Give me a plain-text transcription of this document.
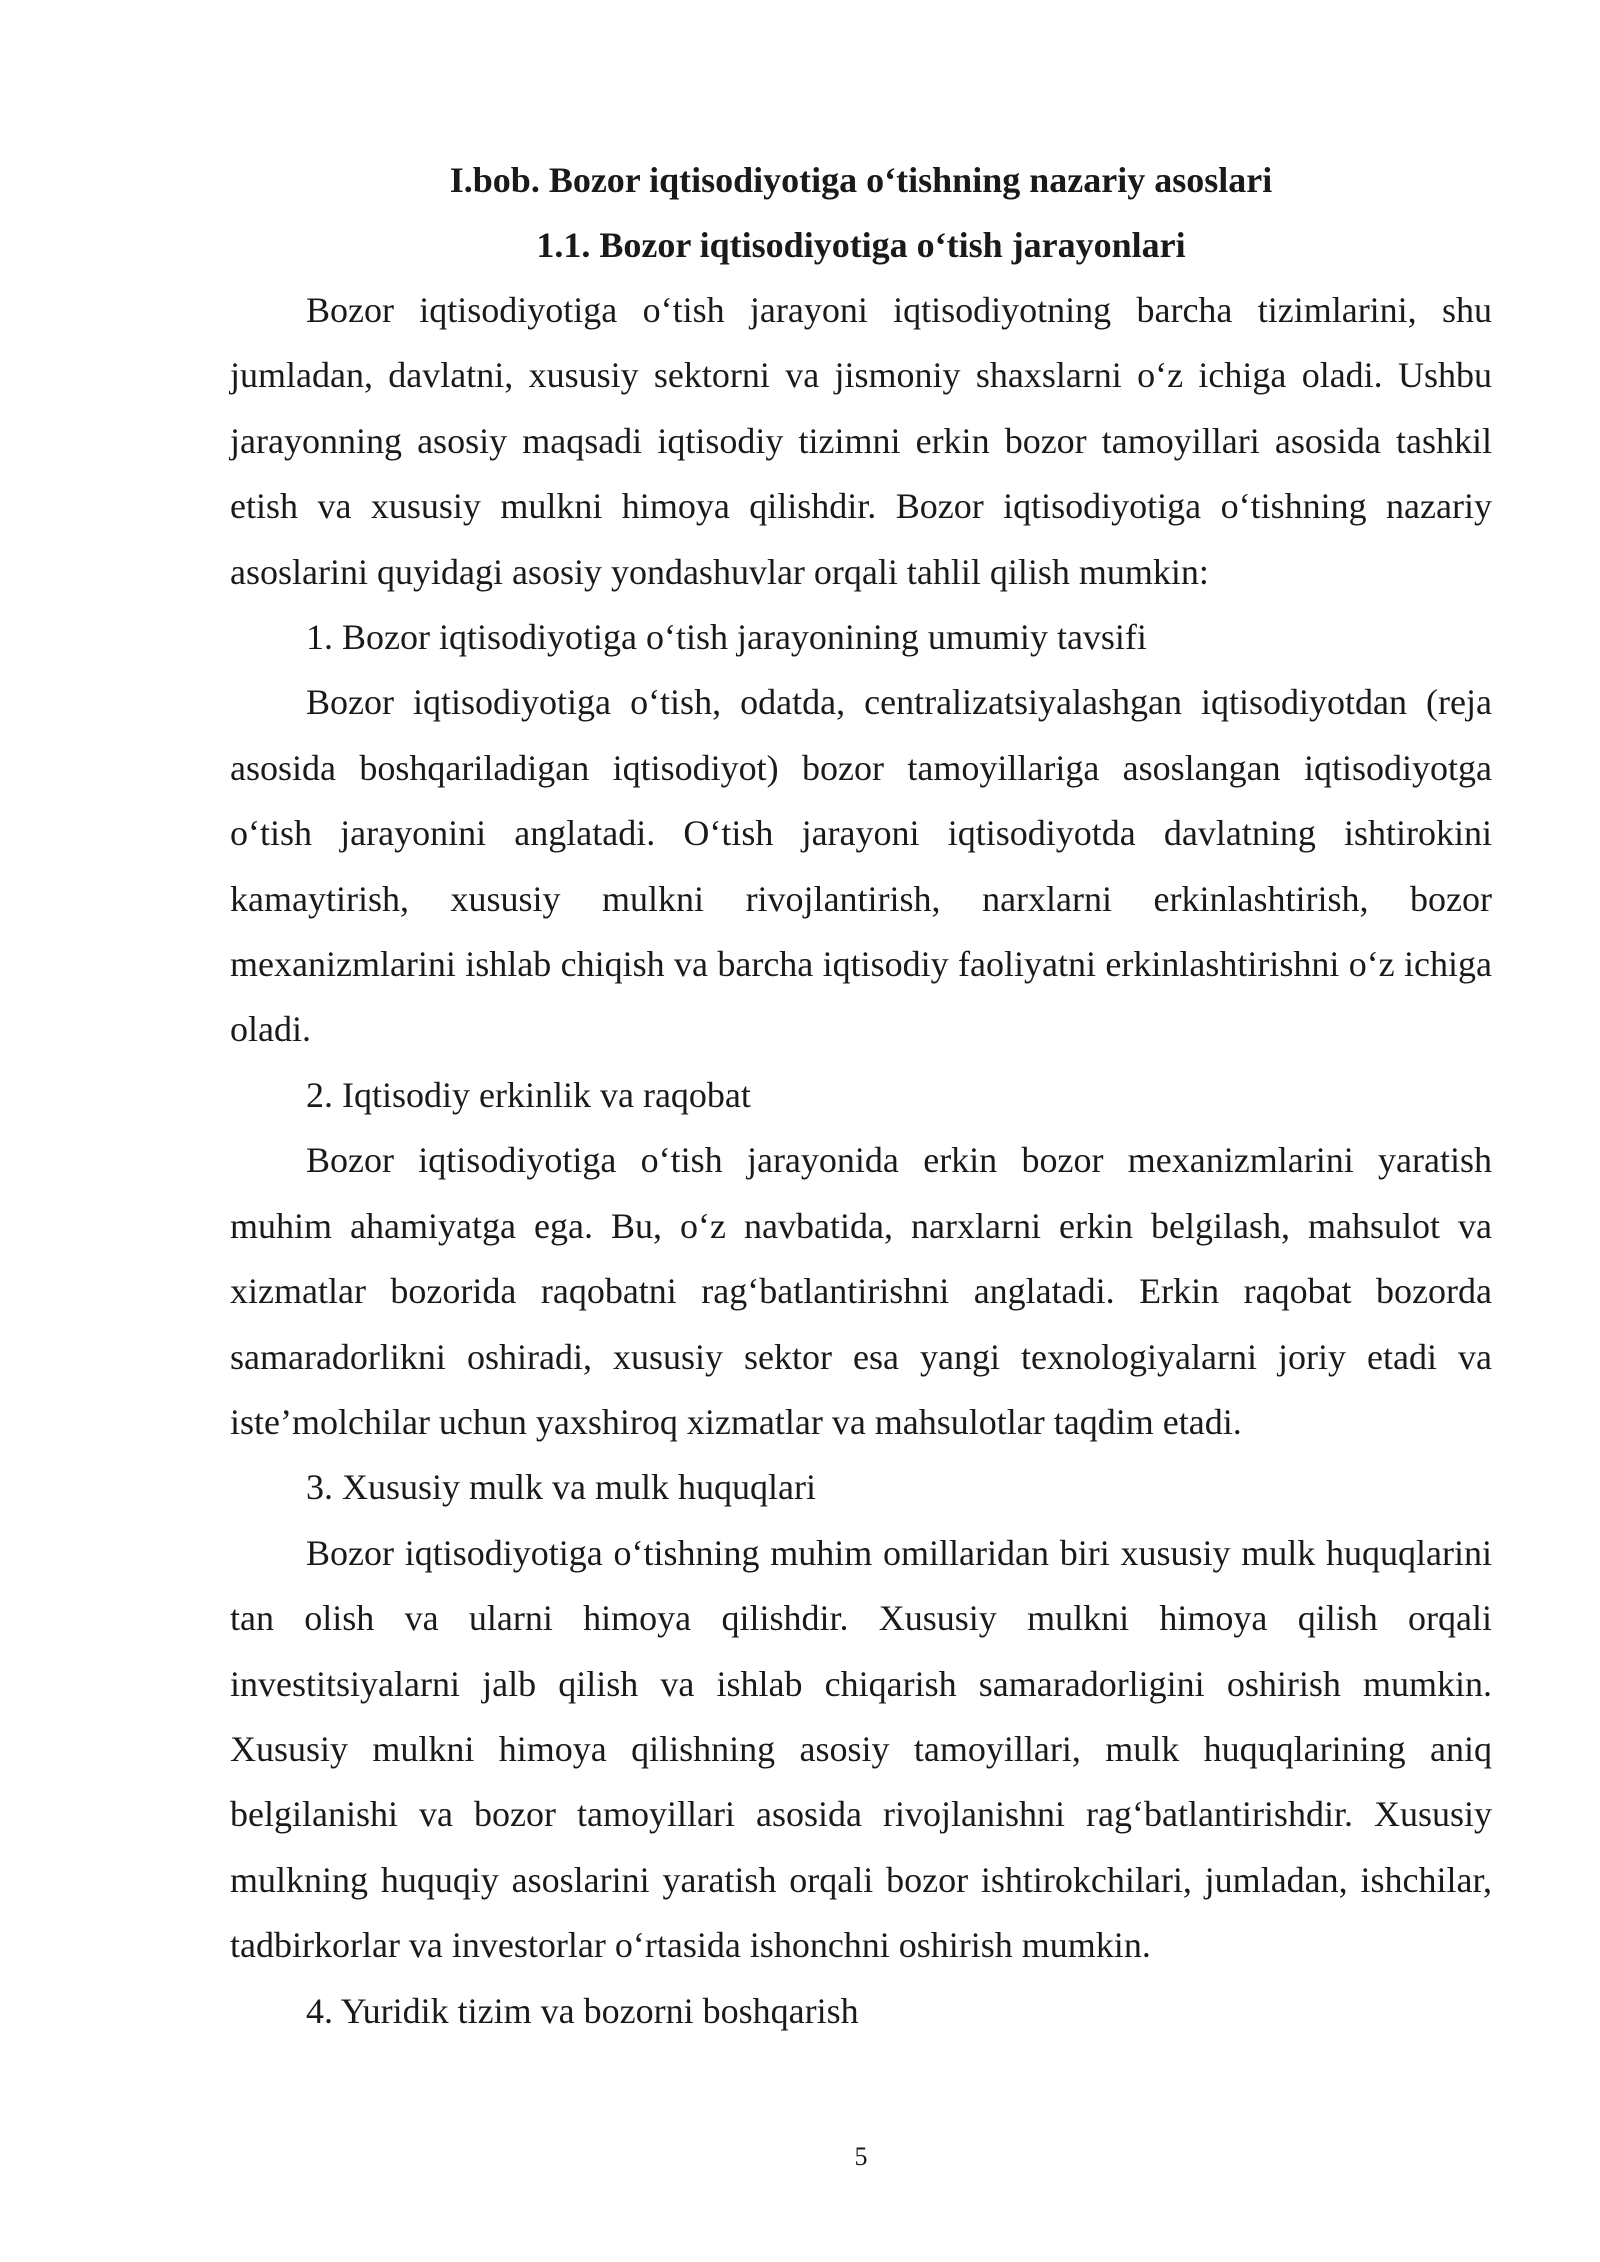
I.bob. Bozor iqtisodiyotiga o‘tishning nazariy asoslari
1.1. Bozor iqtisodiyotiga o‘tish jarayonlari

Bozor iqtisodiyotiga o‘tish jarayoni iqtisodiyotning barcha tizimlarini, shu jumladan, davlatni, xususiy sektorni va jismoniy shaxslarni o‘z ichiga oladi. Ushbu jarayonning asosiy maqsadi iqtisodiy tizimni erkin bozor tamoyillari asosida tashkil etish va xususiy mulkni himoya qilishdir. Bozor iqtisodiyotiga o‘tishning nazariy asoslarini quyidagi asosiy yondashuvlar orqali tahlil qilish mumkin:

1. Bozor iqtisodiyotiga o‘tish jarayonining umumiy tavsifi

Bozor iqtisodiyotiga o‘tish, odatda, centralizatsiyalashgan iqtisodiyotdan (reja asosida boshqariladigan iqtisodiyot) bozor tamoyillariga asoslangan iqtisodiyotga o‘tish jarayonini anglatadi. O‘tish jarayoni iqtisodiyotda davlatning ishtirokini kamaytirish, xususiy mulkni rivojlantirish, narxlarni erkinlashtirish, bozor mexanizmlarini ishlab chiqish va barcha iqtisodiy faoliyatni erkinlashtirishni o‘z ichiga oladi.

2. Iqtisodiy erkinlik va raqobat

Bozor iqtisodiyotiga o‘tish jarayonida erkin bozor mexanizmlarini yaratish muhim ahamiyatga ega. Bu, o‘z navbatida, narxlarni erkin belgilash, mahsulot va xizmatlar bozorida raqobatni rag‘batlantirishni anglatadi. Erkin raqobat bozorda samaradorlikni oshiradi, xususiy sektor esa yangi texnologiyalarni joriy etadi va iste’molchilar uchun yaxshiroq xizmatlar va mahsulotlar taqdim etadi.

3. Xususiy mulk va mulk huquqlari

Bozor iqtisodiyotiga o‘tishning muhim omillaridan biri xususiy mulk huquqlarini tan olish va ularni himoya qilishdir. Xususiy mulkni himoya qilish orqali investitsiyalarni jalb qilish va ishlab chiqarish samaradorligini oshirish mumkin. Xususiy mulkni himoya qilishning asosiy tamoyillari, mulk huquqlarining aniq belgilanishi va bozor tamoyillari asosida rivojlanishni rag‘batlantirishdir. Xususiy mulkning huquqiy asoslarini yaratish orqali bozor ishtirokchilari, jumladan, ishchilar, tadbirkorlar va investorlar o‘rtasida ishonchni oshirish mumkin.

4. Yuridik tizim va bozorni boshqarish

5
